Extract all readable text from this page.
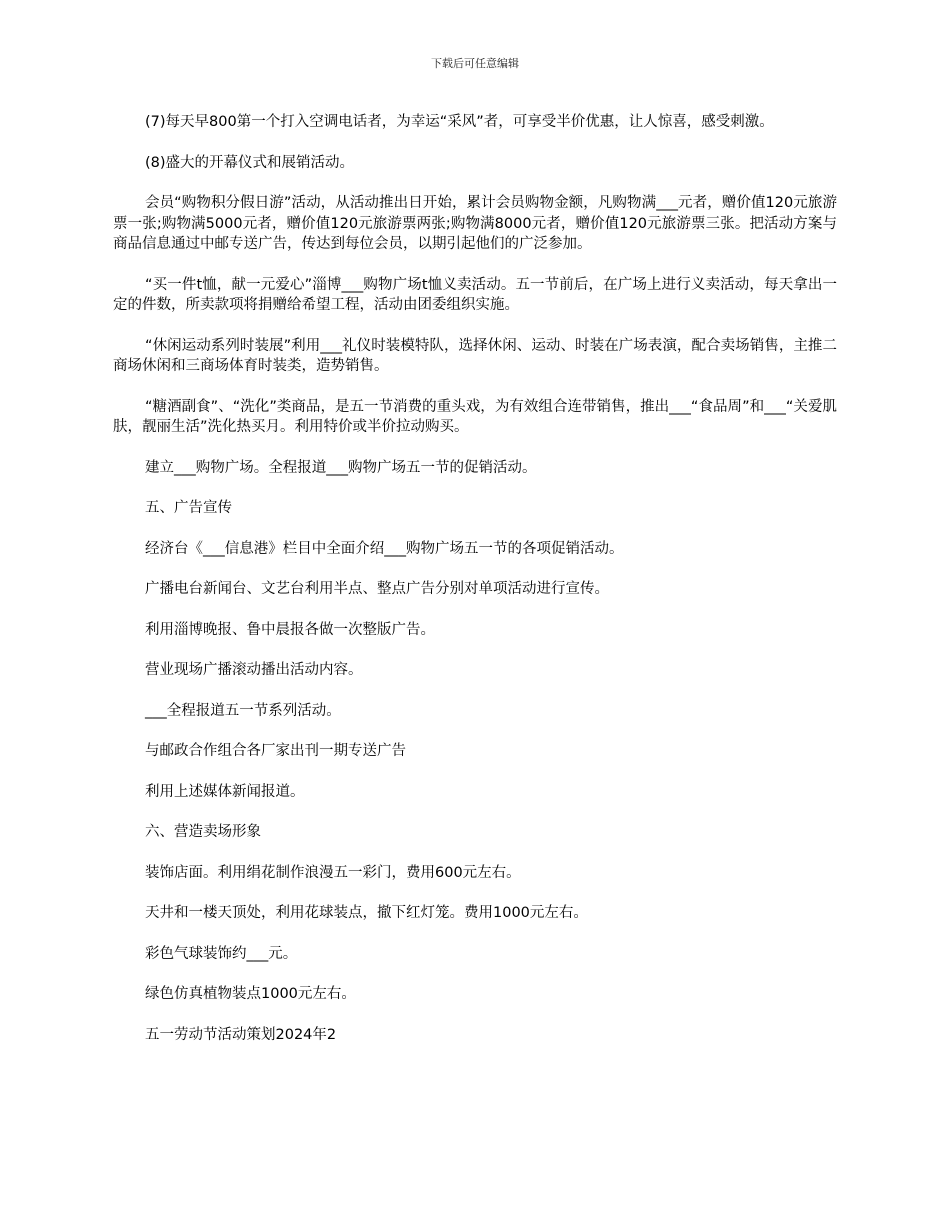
下载后可任意编辑

(7)每天早800第一个打入空调电话者，为幸运“采风”者，可享受半价优惠，让人惊喜，感受刺激。

(8)盛大的开幕仪式和展销活动。

会员“购物积分假日游”活动，从活动推出日开始，累计会员购物金额，凡购物满___元者，赠价值120元旅游票一张;购物满5000元者，赠价值120元旅游票两张;购物满8000元者，赠价值120元旅游票三张。把活动方案与商品信息通过中邮专送广告，传达到每位会员，以期引起他们的广泛参加。

“买一件t恤，献一元爱心”淄博___购物广场t恤义卖活动。五一节前后，在广场上进行义卖活动，每天拿出一定的件数，所卖款项将捐赠给希望工程，活动由团委组织实施。

“休闲运动系列时装展”利用___礼仪时装模特队，选择休闲、运动、时装在广场表演，配合卖场销售，主推二商场休闲和三商场体育时装类，造势销售。

“糖酒副食”、“洗化”类商品，是五一节消费的重头戏，为有效组合连带销售，推出___“食品周”和___“关爱肌肤，靓丽生活”洗化热买月。利用特价或半价拉动购买。

建立___购物广场。全程报道___购物广场五一节的促销活动。

五、广告宣传

经济台《___信息港》栏目中全面介绍___购物广场五一节的各项促销活动。

广播电台新闻台、文艺台利用半点、整点广告分别对单项活动进行宣传。

利用淄博晚报、鲁中晨报各做一次整版广告。

营业现场广播滚动播出活动内容。

___全程报道五一节系列活动。

与邮政合作组合各厂家出刊一期专送广告

利用上述媒体新闻报道。

六、营造卖场形象

装饰店面。利用绢花制作浪漫五一彩门，费用600元左右。

天井和一楼天顶处，利用花球装点，撤下红灯笼。费用1000元左右。

彩色气球装饰约___元。

绿色仿真植物装点1000元左右。

五一劳动节活动策划2024年2
